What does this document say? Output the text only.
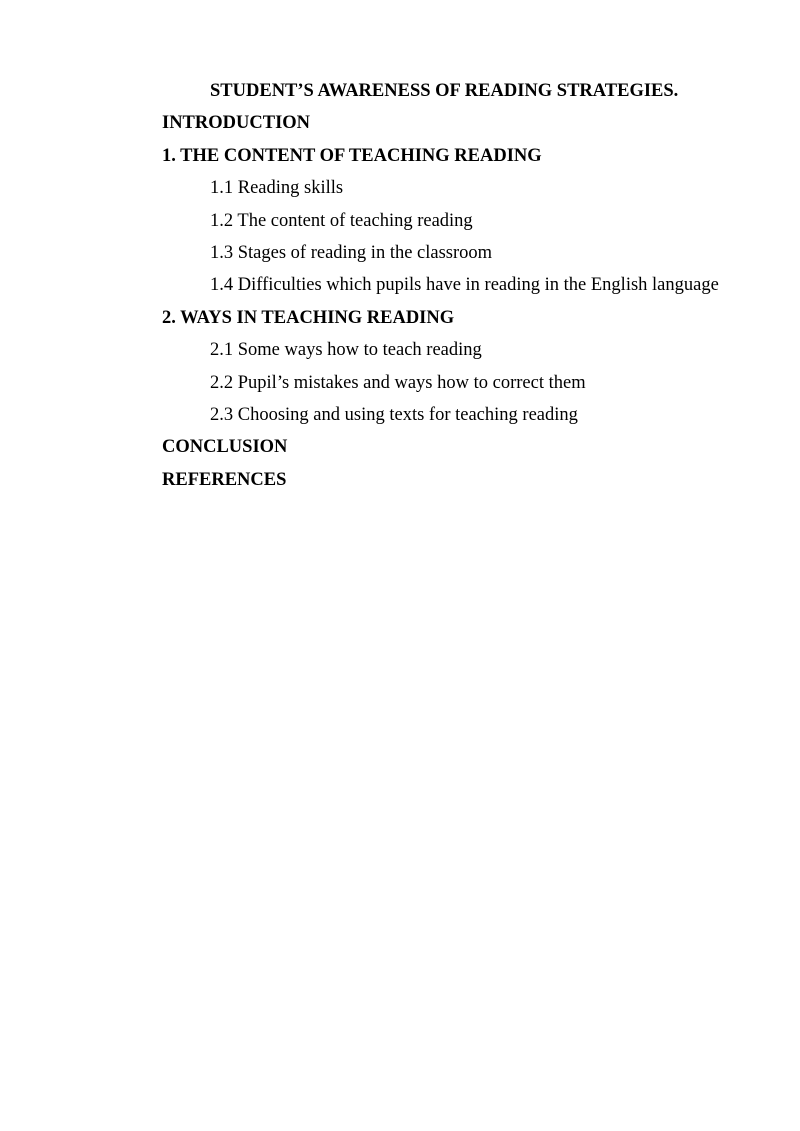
STUDENT’S AWARENESS OF READING STRATEGIES.
INTRODUCTION
1. THE CONTENT OF TEACHING READING
1.1 Reading skills
1.2 The content of teaching reading
1.3 Stages of reading in the classroom
1.4 Difficulties which pupils have in reading in the English language
2. WAYS IN TEACHING READING
2.1 Some ways how to teach reading
2.2 Pupil’s mistakes and ways how to correct them
2.3 Choosing and using texts for teaching reading
CONCLUSION
REFERENCES
